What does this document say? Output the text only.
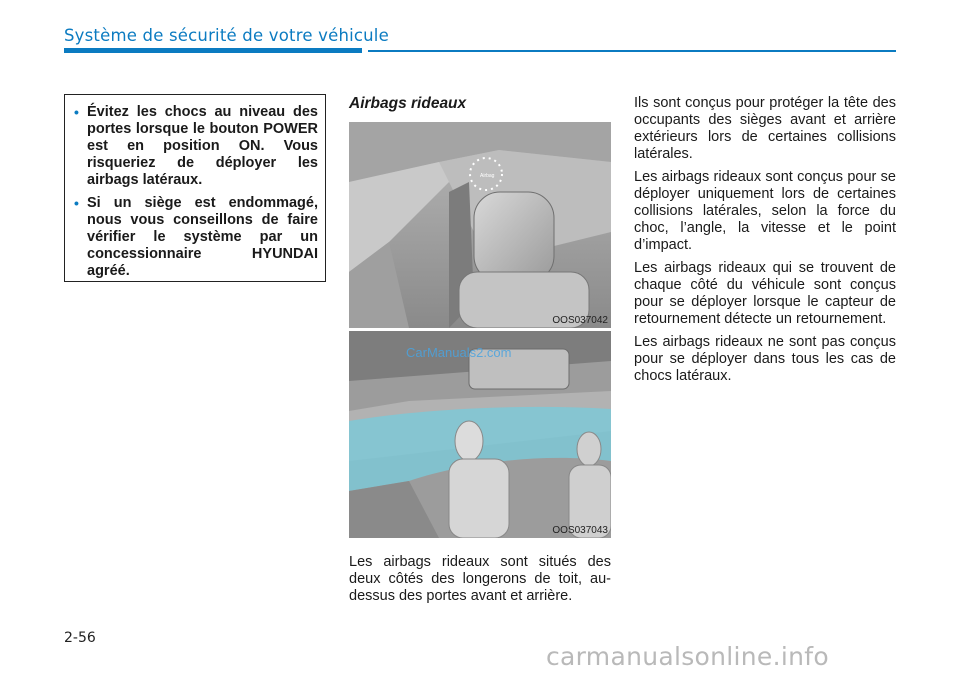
Système de sécurité de votre véhicule
• Évitez les chocs au niveau des portes lorsque le bouton POWER est en position ON. Vous risqueriez de déployer les airbags latéraux.
• Si un siège est endommagé, nous vous conseillons de faire vérifier le système par un concessionnaire HYUNDAI agréé.
Airbags rideaux
Airbag
OOS037042
OOS037043
CarManuals2.com
Les airbags rideaux sont situés des deux côtés des longerons de toit, au-dessus des portes avant et arrière.

Ils sont conçus pour protéger la tête des occupants des sièges avant et arrière extérieurs lors de certaines collisions latérales.

Les airbags rideaux sont conçus pour se déployer uniquement lors de certaines collisions latérales, selon la force du choc, l’angle, la vitesse et le point d’impact.

Les airbags rideaux qui se trouvent de chaque côté du véhicule sont conçus pour se déployer lorsque le capteur de retournement détecte un retournement.

Les airbags rideaux ne sont pas conçus pour se déployer dans tous les cas de chocs latéraux.

2-56
carmanualsonline.info
